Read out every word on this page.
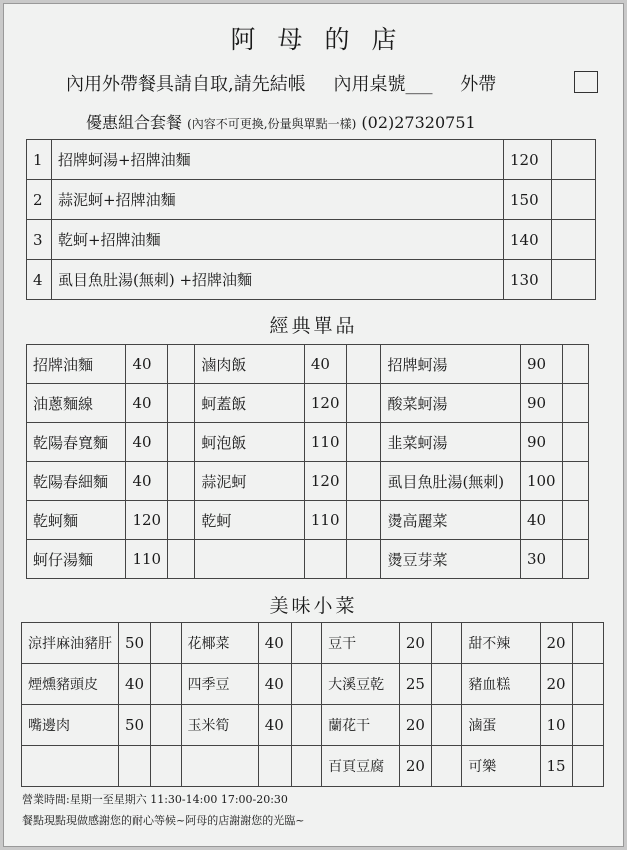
阿母的店
內用外帶餐具請自取,請先結帳 內用桌號___ 外帶
優惠組合套餐 (內容不可更換,份量與單點一樣) (02)27320751
1	招牌蚵湯+招牌油麵	120	
2	蒜泥蚵+招牌油麵	150	
3	乾蚵+招牌油麵	140	
4	虱目魚肚湯(無刺) +招牌油麵	130	
經典單品
招牌油麵	40		滷肉飯	40		招牌蚵湯	90	
油蔥麵線	40		蚵蓋飯	120		酸菜蚵湯	90	
乾陽春寬麵	40		蚵泡飯	110		韭菜蚵湯	90	
乾陽春細麵	40		蒜泥蚵	120		虱目魚肚湯(無刺)	100	
乾蚵麵	120		乾蚵	110		燙高麗菜	40	
蚵仔湯麵	110					燙豆芽菜	30	
美味小菜
涼拌麻油豬肝	50		花椰菜	40		豆干	20		甜不辣	20	
煙燻豬頭皮	40		四季豆	40		大溪豆乾	25		豬血糕	20	
嘴邊肉	50		玉米筍	40		蘭花干	20		滷蛋	10	
						百頁豆腐	20		可樂	15	
營業時間:星期一至星期六 11:30-14:00 17:00-20:30
餐點現點現做感謝您的耐心等候~阿母的店謝謝您的光臨~
